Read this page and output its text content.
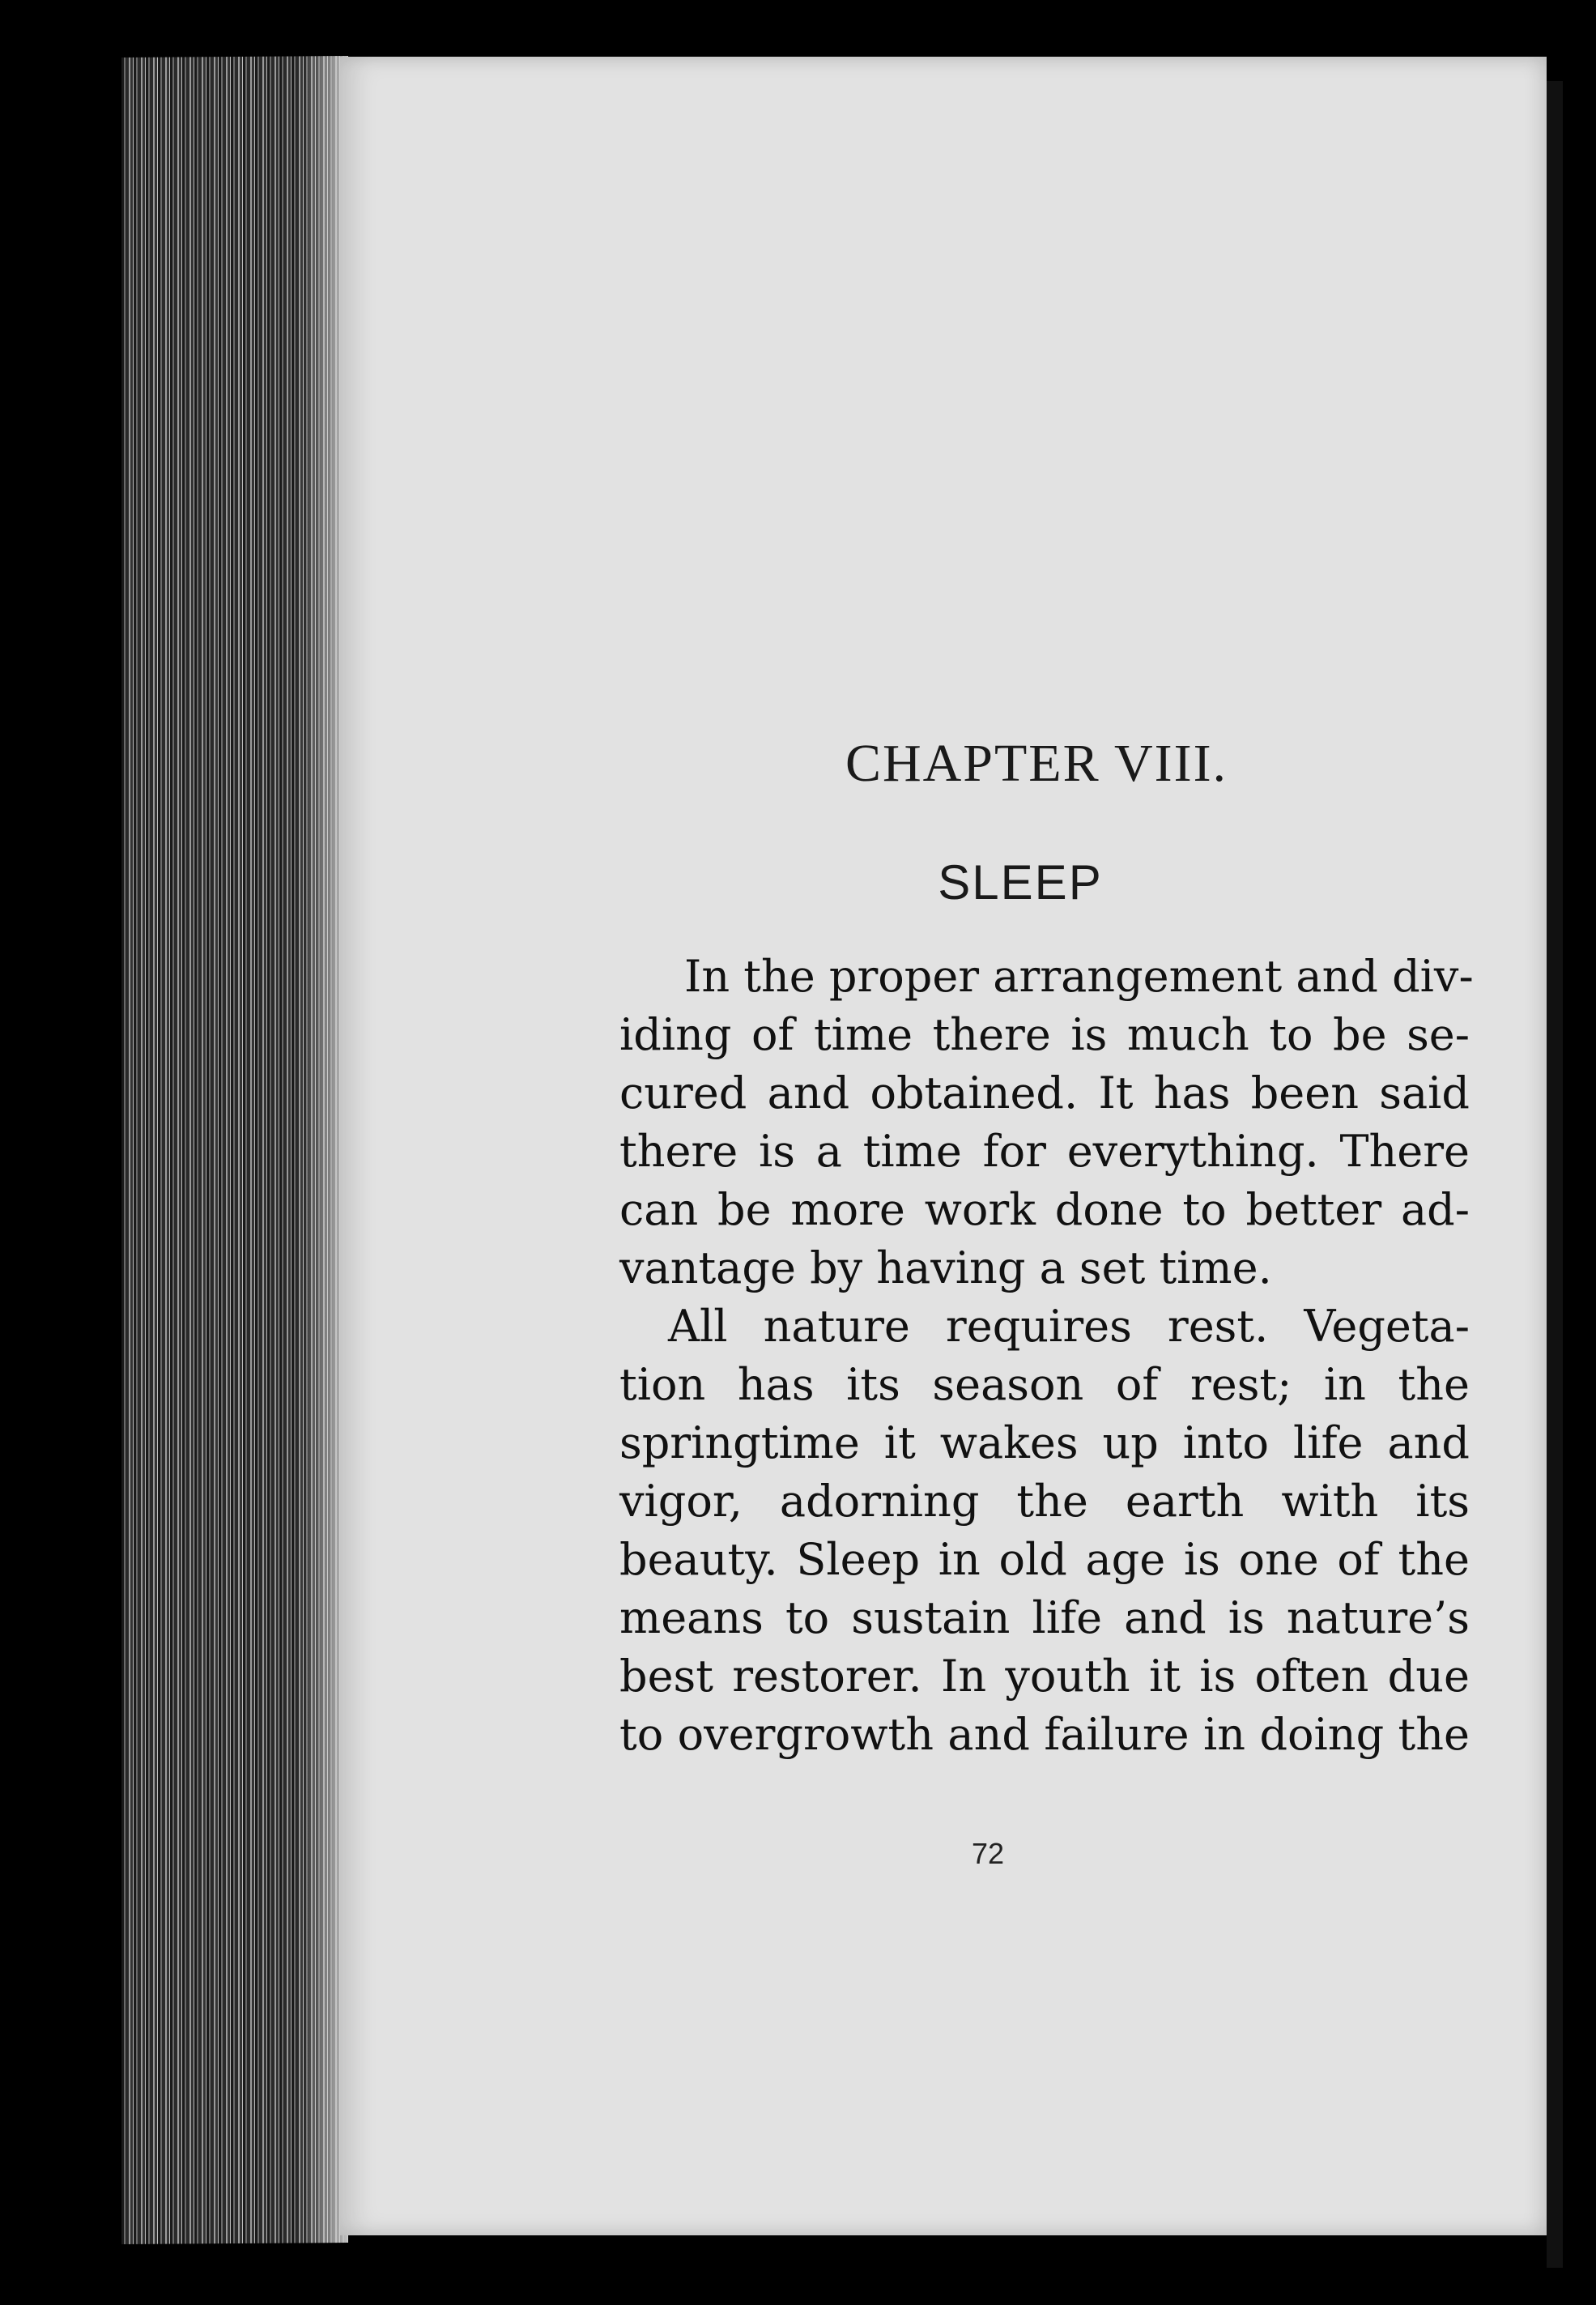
CHAPTER VIII.
SLEEP

In the proper arrangement and div-
iding of time there is much to be se-
cured and obtained. It has been said
there is a time for everything. There
can be more work done to better ad-
vantage by having a set time.

All nature requires rest. Vegeta-
tion has its season of rest; in the
springtime it wakes up into life and
vigor, adorning the earth with its
beauty. Sleep in old age is one of the
means to sustain life and is nature’s
best restorer. In youth it is often due
to overgrowth and failure in doing the

72
